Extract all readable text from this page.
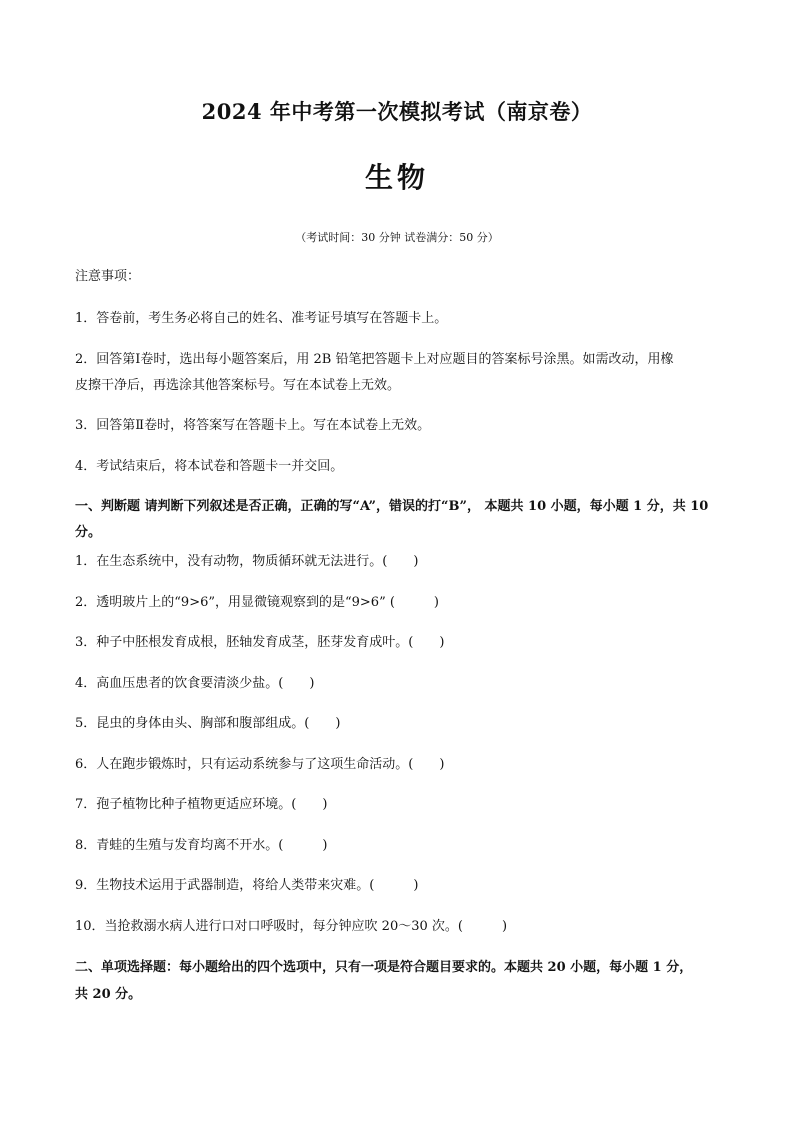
2024 年中考第一次模拟考试（南京卷）
生物
（考试时间：30 分钟 试卷满分：50 分）
注意事项：
1．答卷前，考生务必将自己的姓名、准考证号填写在答题卡上。
2．回答第Ⅰ卷时，选出每小题答案后，用 2B 铅笔把答题卡上对应题目的答案标号涂黑。如需改动，用橡
皮擦干净后，再选涂其他答案标号。写在本试卷上无效。
3．回答第Ⅱ卷时，将答案写在答题卡上。写在本试卷上无效。
4．考试结束后，将本试卷和答题卡一并交回。
一、判断题 请判断下列叙述是否正确，正确的写“A”，错误的打“B”， 本题共 10 小题，每小题 1 分，共 10
分。
1．在生态系统中，没有动物，物质循环就无法进行。(　　)
2．透明玻片上的“9>6”，用显微镜观察到的是“9>6” (　　　)
3．种子中胚根发育成根，胚轴发育成茎，胚芽发育成叶。(　　)
4．高血压患者的饮食要清淡少盐。(　　)
5．昆虫的身体由头、胸部和腹部组成。(　　)
6．人在跑步锻炼时，只有运动系统参与了这项生命活动。(　　)
7．孢子植物比种子植物更适应环境。(　　)
8．青蛙的生殖与发育均离不开水。(　　　)
9．生物技术运用于武器制造，将给人类带来灾难。(　　　)
10．当抢救溺水病人进行口对口呼吸时，每分钟应吹 20～30 次。(　　　)
二、单项选择题：每小题给出的四个选项中，只有一项是符合题目要求的。本题共 20 小题，每小题 1 分，
共 20 分。
